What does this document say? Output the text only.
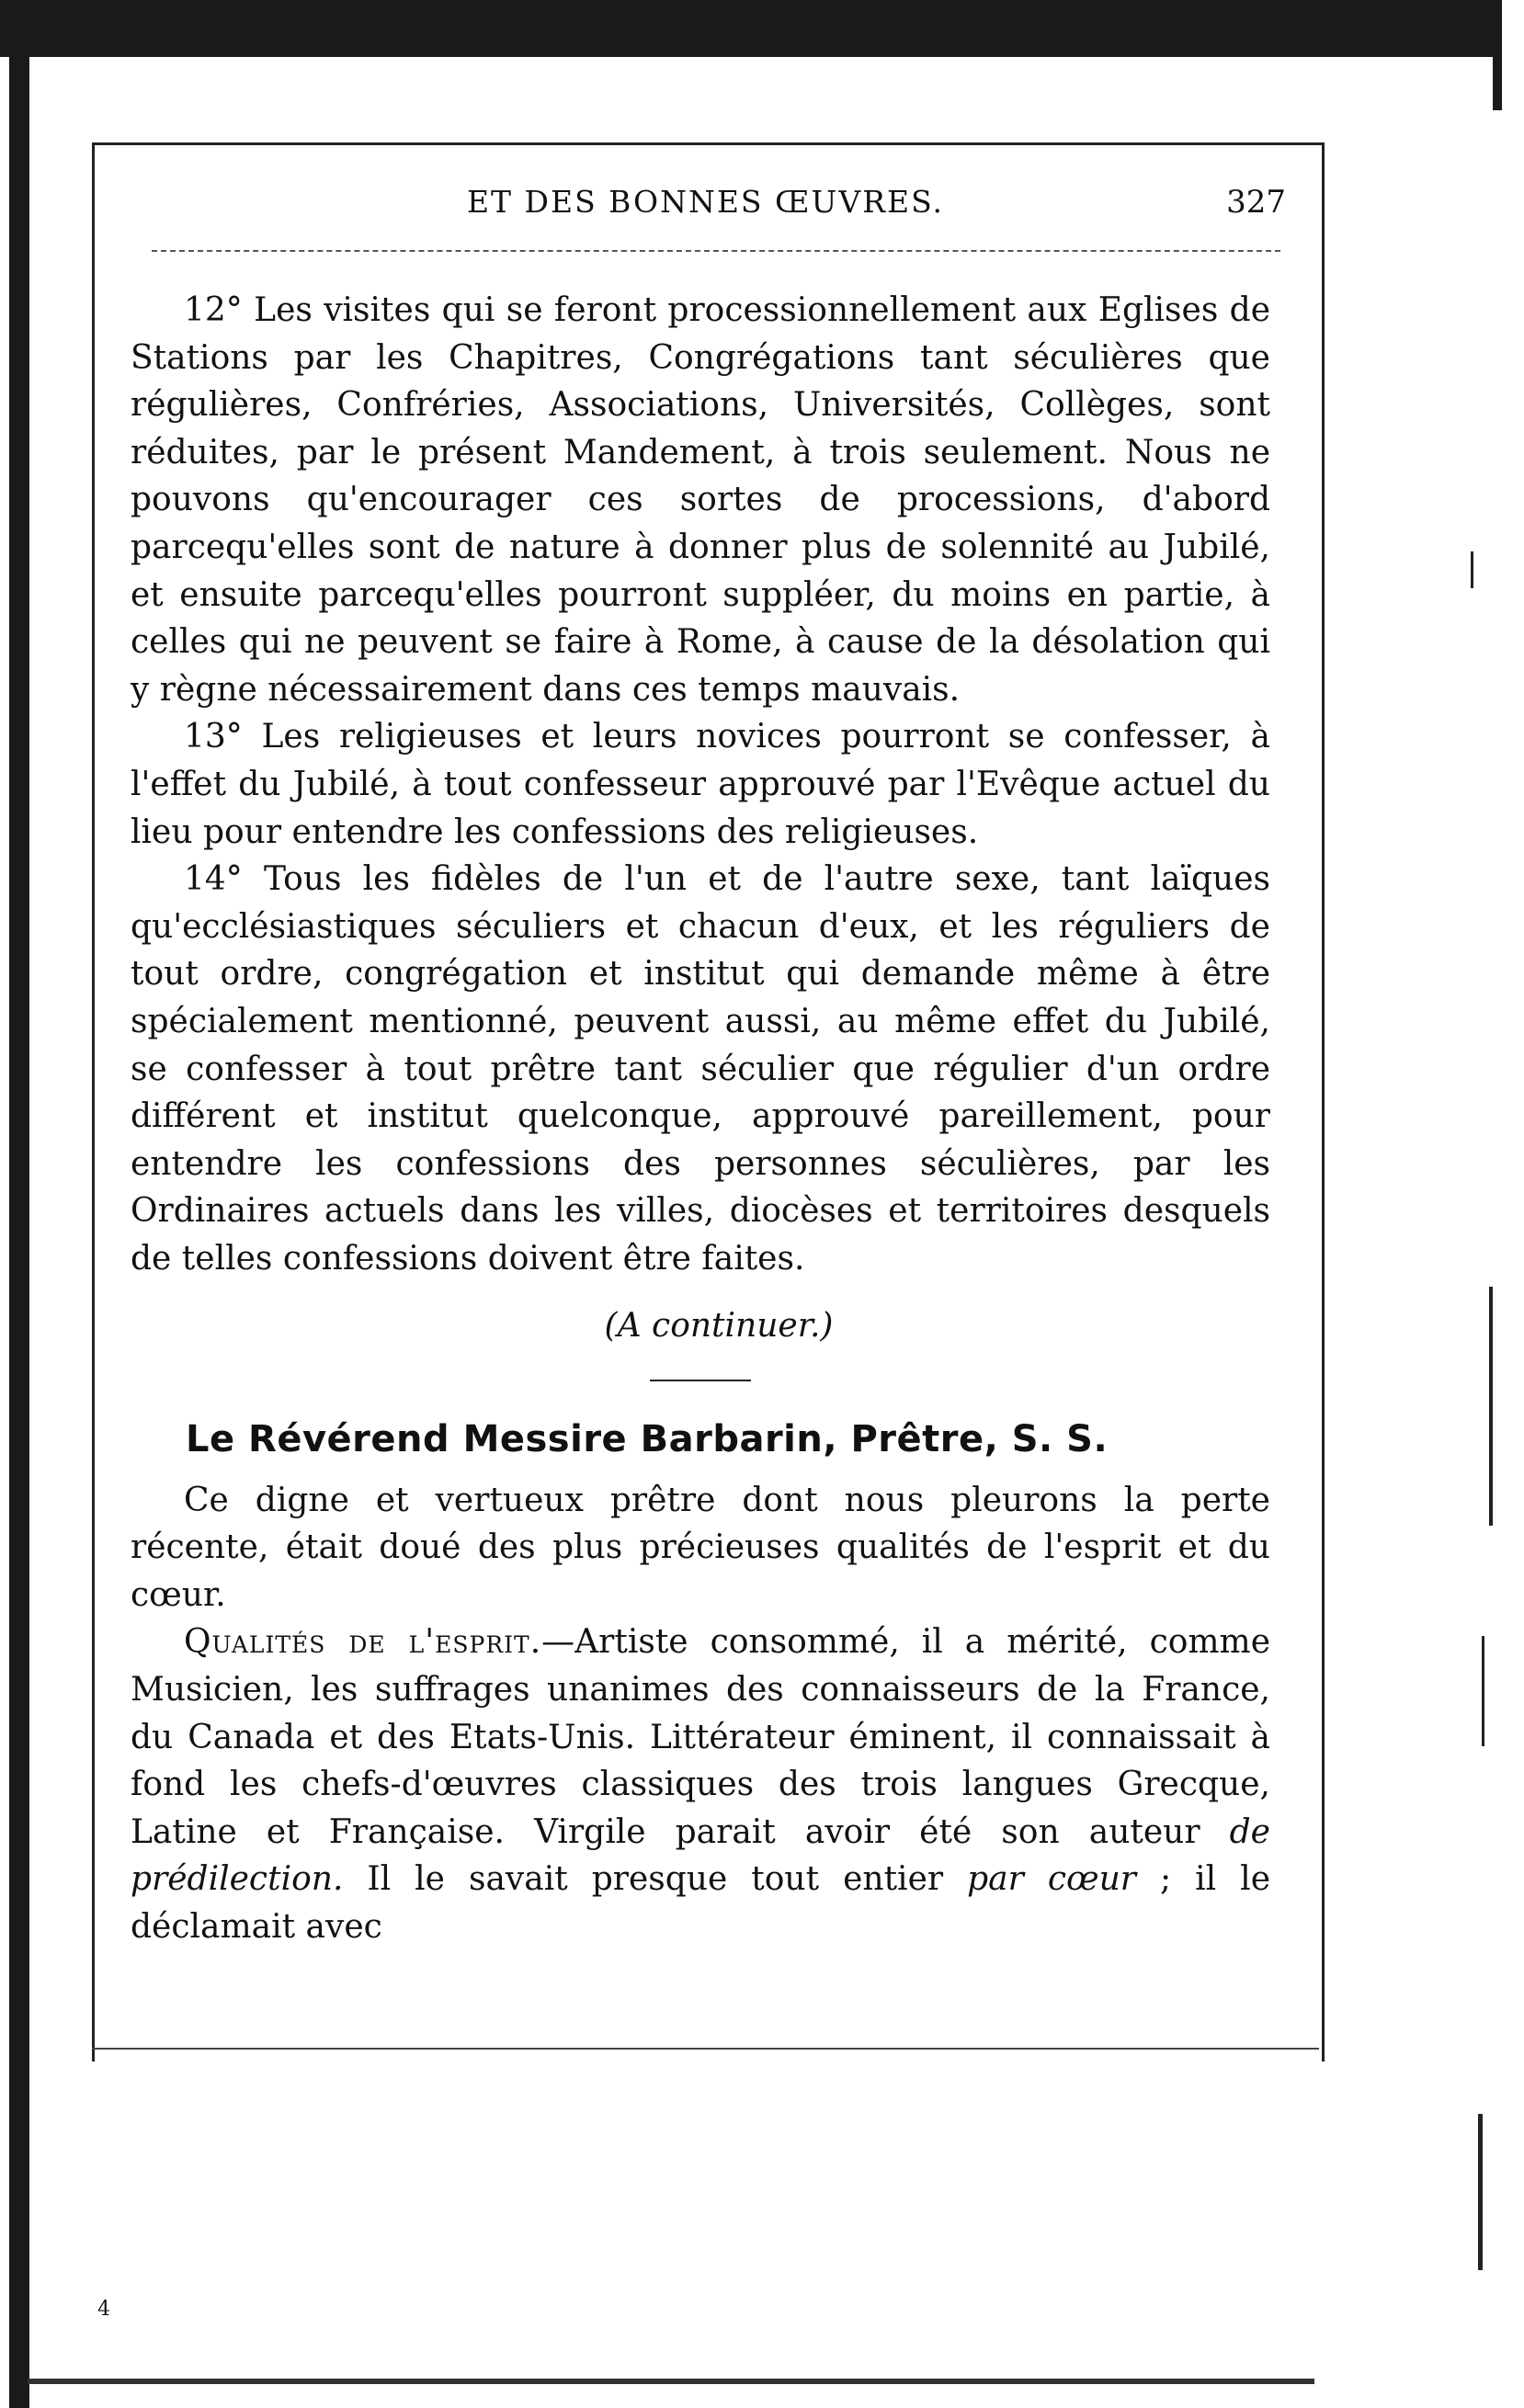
ET DES BONNES ŒUVRES.	327

12° Les visites qui se feront processionnellement aux Eglises de Stations par les Chapitres, Congrégations tant séculières que régulières, Confréries, Associations, Universités, Collèges, sont réduites, par le présent Mandement, à trois seulement. Nous ne pouvons qu'encourager ces sortes de processions, d'abord parcequ'elles sont de nature à donner plus de solennité au Jubilé, et ensuite parcequ'elles pourront suppléer, du moins en partie, à celles qui ne peuvent se faire à Rome, à cause de la désolation qui y règne nécessairement dans ces temps mauvais.

13° Les religieuses et leurs novices pourront se confesser, à l'effet du Jubilé, à tout confesseur approuvé par l'Evêque actuel du lieu pour entendre les confessions des religieuses.

14° Tous les fidèles de l'un et de l'autre sexe, tant laïques qu'ecclésiastiques séculiers et chacun d'eux, et les réguliers de tout ordre, congrégation et institut qui demande même à être spécialement mentionné, peuvent aussi, au même effet du Jubilé, se confesser à tout prêtre tant séculier que régulier d'un ordre différent et institut quelconque, approuvé pareillement, pour entendre les confessions des personnes séculières, par les Ordinaires actuels dans les villes, diocèses et territoires desquels de telles confessions doivent être faites.

(A continuer.)
Le Révérend Messire Barbarin, Prêtre, S. S.

Ce digne et vertueux prêtre dont nous pleurons la perte récente, était doué des plus précieuses qualités de l'esprit et du cœur.

Qualités de l'esprit.—Artiste consommé, il a mérité, comme Musicien, les suffrages unanimes des connaisseurs de la France, du Canada et des Etats-Unis. Littérateur éminent, il connaissait à fond les chefs-d'œuvres classiques des trois langues Grecque, Latine et Française. Virgile parait avoir été son auteur de prédilection. Il le savait presque tout entier par cœur ; il le déclamait avec

4
